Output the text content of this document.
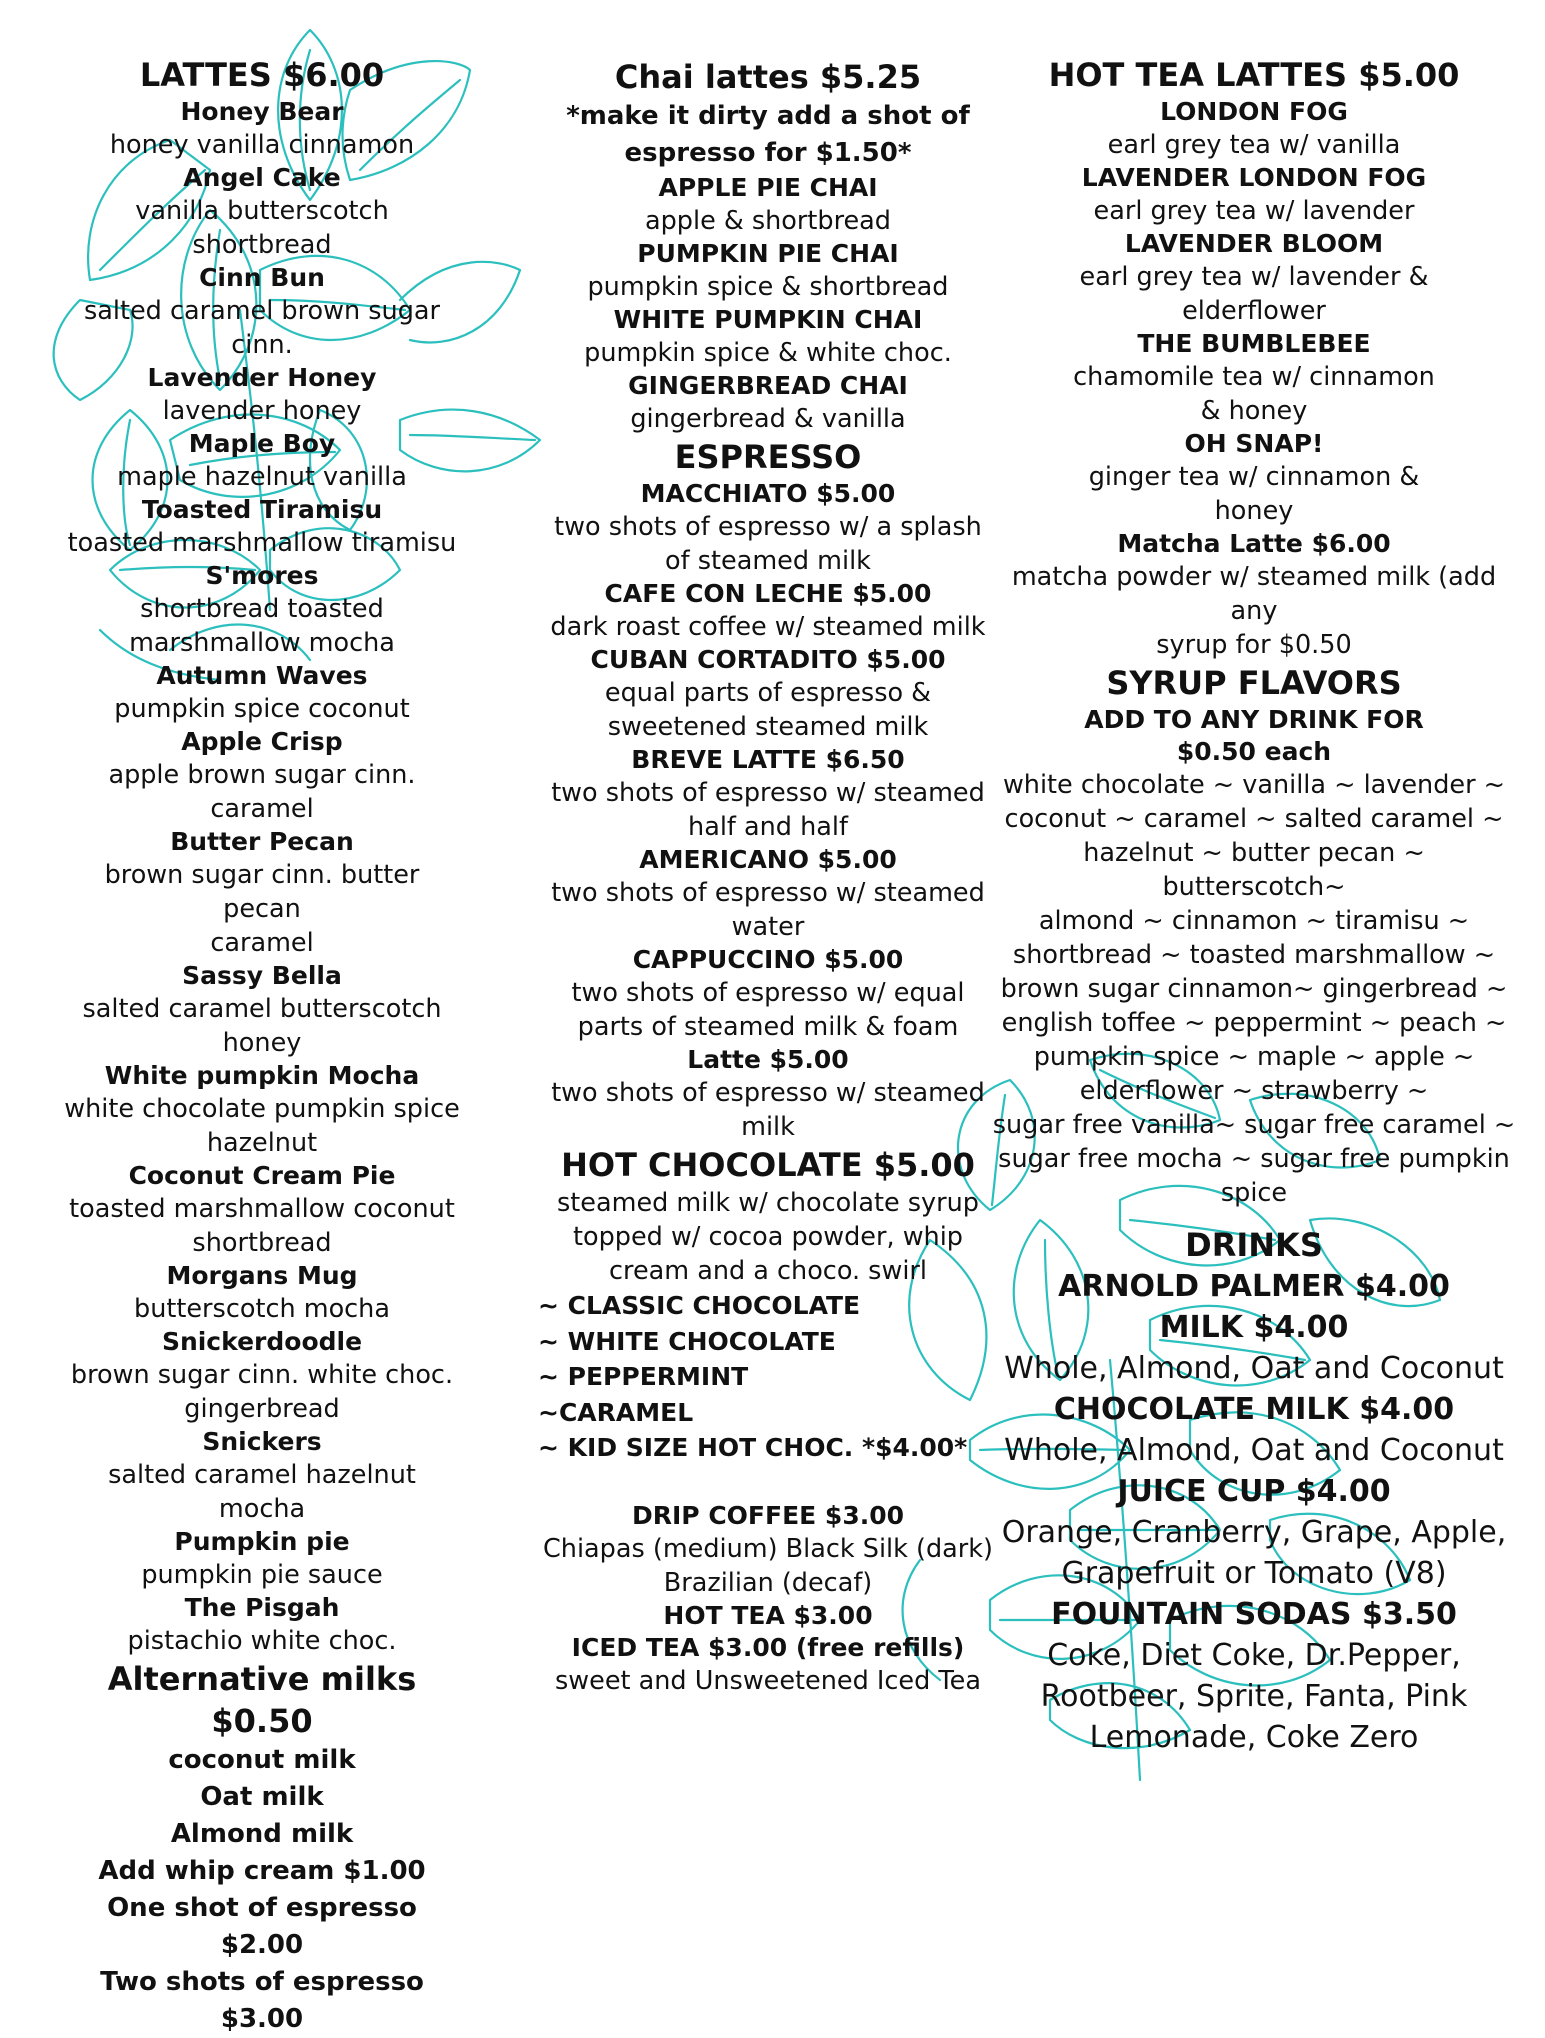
LATTES $6.00

Honey Bear

honey vanilla cinnamon

Angel Cake

vanilla butterscotch shortbread

Cinn Bun

salted caramel brown sugar

cinn.

Lavender Honey

lavender honey

Maple Boy

maple hazelnut vanilla

Toasted Tiramisu

toasted marshmallow tiramisu

S'mores

shortbread toasted

marshmallow mocha

Autumn Waves

pumpkin spice coconut

Apple Crisp

apple brown sugar cinn.

caramel

Butter Pecan

brown sugar cinn. butter pecan

caramel

Sassy Bella

salted caramel butterscotch

honey

White pumpkin Mocha

white chocolate pumpkin spice

hazelnut

Coconut Cream Pie

toasted marshmallow coconut

shortbread

Morgans Mug

butterscotch mocha

Snickerdoodle

brown sugar cinn. white choc.

gingerbread

Snickers

salted caramel hazelnut mocha

Pumpkin pie

pumpkin pie sauce

The Pisgah

pistachio white choc.

Alternative milks $0.50

coconut milk

Oat milk

Almond milk

Add whip cream $1.00

One shot of espresso $2.00

Two shots of espresso $3.00

Chai lattes $5.25

*make it dirty add a shot of

espresso for $1.50*

APPLE PIE CHAI

apple & shortbread

PUMPKIN PIE CHAI

pumpkin spice & shortbread

WHITE PUMPKIN CHAI

pumpkin spice & white choc.

GINGERBREAD CHAI

gingerbread & vanilla

ESPRESSO

MACCHIATO $5.00

two shots of espresso w/ a splash

of steamed milk

CAFE CON LECHE $5.00

dark roast coffee w/ steamed milk

CUBAN CORTADITO $5.00

equal parts of espresso &

sweetened steamed milk

BREVE LATTE $6.50

two shots of espresso w/ steamed

half and half

AMERICANO $5.00

two shots of espresso w/ steamed

water

CAPPUCCINO $5.00

two shots of espresso w/ equal

parts of steamed milk & foam

Latte $5.00

two shots of espresso w/ steamed

milk

HOT CHOCOLATE $5.00

steamed milk w/ chocolate syrup

topped w/ cocoa powder, whip

cream and a choco. swirl

~ CLASSIC CHOCOLATE

~ WHITE CHOCOLATE

~ PEPPERMINT

~CARAMEL

~ KID SIZE HOT CHOC. *$4.00*

DRIP COFFEE $3.00

Chiapas (medium) Black Silk (dark)

Brazilian (decaf)

HOT TEA $3.00

ICED TEA $3.00 (free refills)

sweet and Unsweetened Iced Tea

HOT TEA LATTES $5.00

LONDON FOG

earl grey tea w/ vanilla

LAVENDER LONDON FOG

earl grey tea w/ lavender

LAVENDER BLOOM

earl grey tea w/ lavender &

elderflower

THE BUMBLEBEE

chamomile tea w/ cinnamon

& honey

OH SNAP!

ginger tea w/ cinnamon &

honey

Matcha Latte $6.00

matcha powder w/ steamed milk (add any

syrup for $0.50

SYRUP FLAVORS

ADD TO ANY DRINK FOR

$0.50 each

white chocolate ~ vanilla ~ lavender ~

coconut ~ caramel ~ salted caramel ~

hazelnut ~ butter pecan ~ butterscotch~

almond ~ cinnamon ~ tiramisu ~

shortbread ~ toasted marshmallow ~

brown sugar cinnamon~ gingerbread ~

english toffee ~ peppermint ~ peach ~

pumpkin spice ~ maple ~ apple ~

elderflower ~ strawberry ~

sugar free vanilla~ sugar free caramel ~

sugar free mocha ~ sugar free pumpkin

spice

DRINKS

ARNOLD PALMER $4.00

MILK $4.00

Whole, Almond, Oat and Coconut

CHOCOLATE MILK $4.00

Whole, Almond, Oat and Coconut

JUICE CUP $4.00

Orange, Cranberry, Grape, Apple,

Grapefruit or Tomato (V8)

FOUNTAIN SODAS $3.50

Coke, Diet Coke, Dr.Pepper,

Rootbeer, Sprite, Fanta, Pink

Lemonade, Coke Zero
